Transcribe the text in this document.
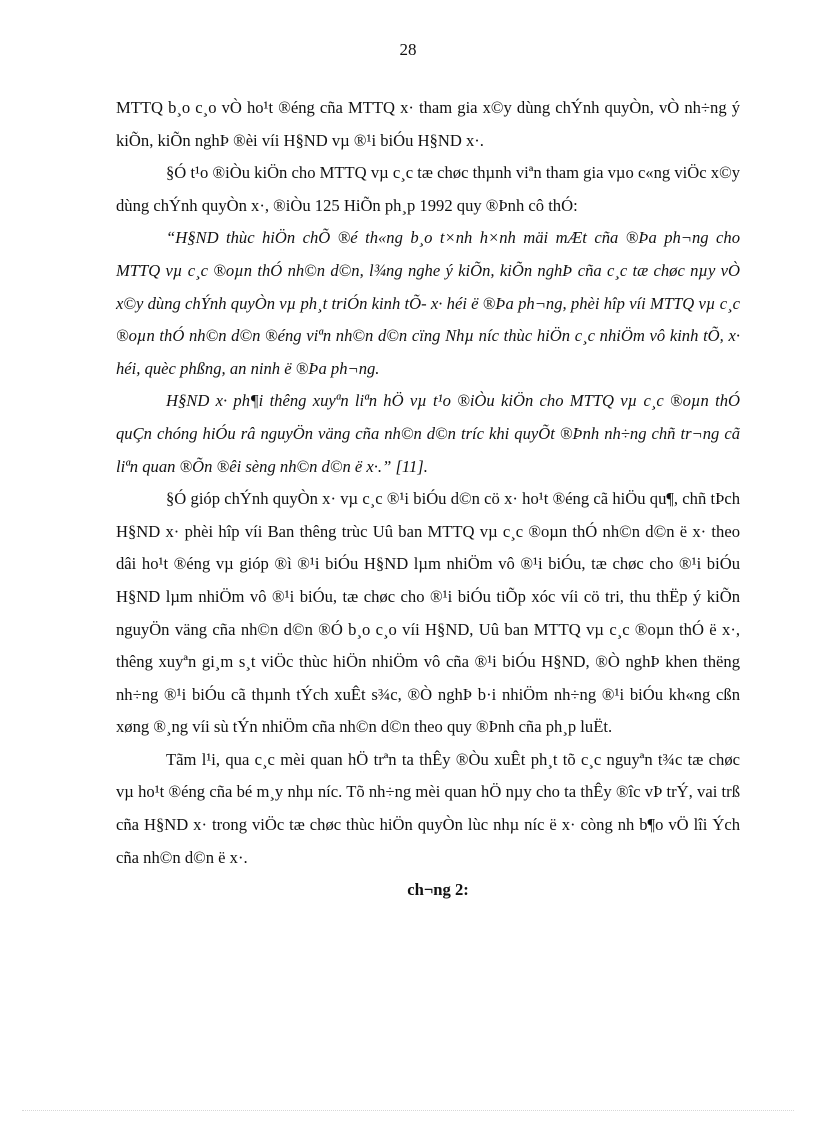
28

MTTQ b¸o c¸o vÒ ho¹t ®éng cña MTTQ x· tham gia x©y dùng chÝnh quyÒn, vÒ nh÷ng ý kiÕn, kiÕn nghÞ ®èi víi H§ND vµ ®¹i biÓu H§ND x·.

§Ó t¹o ®iÒu kiÖn cho MTTQ vµ c¸c tæ chøc thµnh viªn tham gia vµo c«ng viÖc x©y dùng chÝnh quyÒn x·, ®iÒu 125 HiÕn ph¸p 1992 quy ®Þnh cô thÓ:

“H§ND thùc hiÖn chÕ ®é th«ng b¸o t×nh h×nh mäi mÆt cña ®Þa ph¬ng cho MTTQ vµ c¸c ®oµn thÓ nh©n d©n, l¾ng nghe ý kiÕn, kiÕn nghÞ cña c¸c tæ chøc nµy vÒ x©y dùng chÝnh quyÒn vµ ph¸t triÓn kinh tÕ- x· héi ë ®Þa ph¬ng, phèi hîp víi MTTQ vµ c¸c ®oµn thÓ nh©n d©n ®éng viªn nh©n d©n cïng Nhµ níc thùc hiÖn c¸c nhiÖm vô kinh tÕ, x· héi, quèc phßng, an ninh ë ®Þa ph¬ng.

H§ND x· ph¶i thêng xuyªn liªn hÖ vµ t¹o ®iÒu kiÖn cho MTTQ vµ c¸c ®oµn thÓ quÇn chóng hiÓu râ nguyÖn väng cña nh©n d©n tríc khi quyÕt ®Þnh nh÷ng chñ tr¬ng cã liªn quan ®Õn ®êi sèng nh©n d©n ë x·.” [11].

§Ó gióp chÝnh quyÒn x· vµ c¸c ®¹i biÓu d©n cö x· ho¹t ®éng cã hiÖu qu¶, chñ tÞch H§ND x· phèi hîp víi Ban thêng trùc Uû ban MTTQ vµ c¸c ®oµn thÓ nh©n d©n ë x· theo dâi ho¹t ®éng vµ gióp ®ì ®¹i biÓu H§ND lµm nhiÖm vô ®¹i biÓu, tæ chøc cho ®¹i biÓu H§ND lµm nhiÖm vô ®¹i biÓu, tæ chøc cho ®¹i biÓu tiÕp xóc víi cö tri, thu thËp ý kiÕn nguyÖn väng cña nh©n d©n ®Ó b¸o c¸o víi H§ND, Uû ban MTTQ vµ c¸c ®oµn thÓ ë x·, thêng xuyªn gi¸m s¸t viÖc thùc hiÖn nhiÖm vô cña ®¹i biÓu H§ND, ®Ò nghÞ khen thëng nh÷ng ®¹i biÓu cã thµnh tÝch xuÊt s¾c, ®Ò nghÞ b·i nhiÖm nh÷ng ®¹i biÓu kh«ng cßn xøng ®¸ng víi sù tÝn nhiÖm cña nh©n d©n theo quy ®Þnh cña ph¸p luËt.

Tãm l¹i, qua c¸c mèi quan hÖ trªn ta thÊy ®Òu xuÊt ph¸t tõ c¸c nguyªn t¾c tæ chøc vµ ho¹t ®éng cña bé m¸y nhµ níc. Tõ nh÷ng mèi quan hÖ nµy cho ta thÊy ®îc vÞ trÝ, vai trß cña H§ND x· trong viÖc tæ chøc thùc hiÖn quyÒn lùc nhµ níc ë x· còng nh b¶o vÖ lîi Ých cña nh©n d©n ë x·.

ch¬ng 2:
